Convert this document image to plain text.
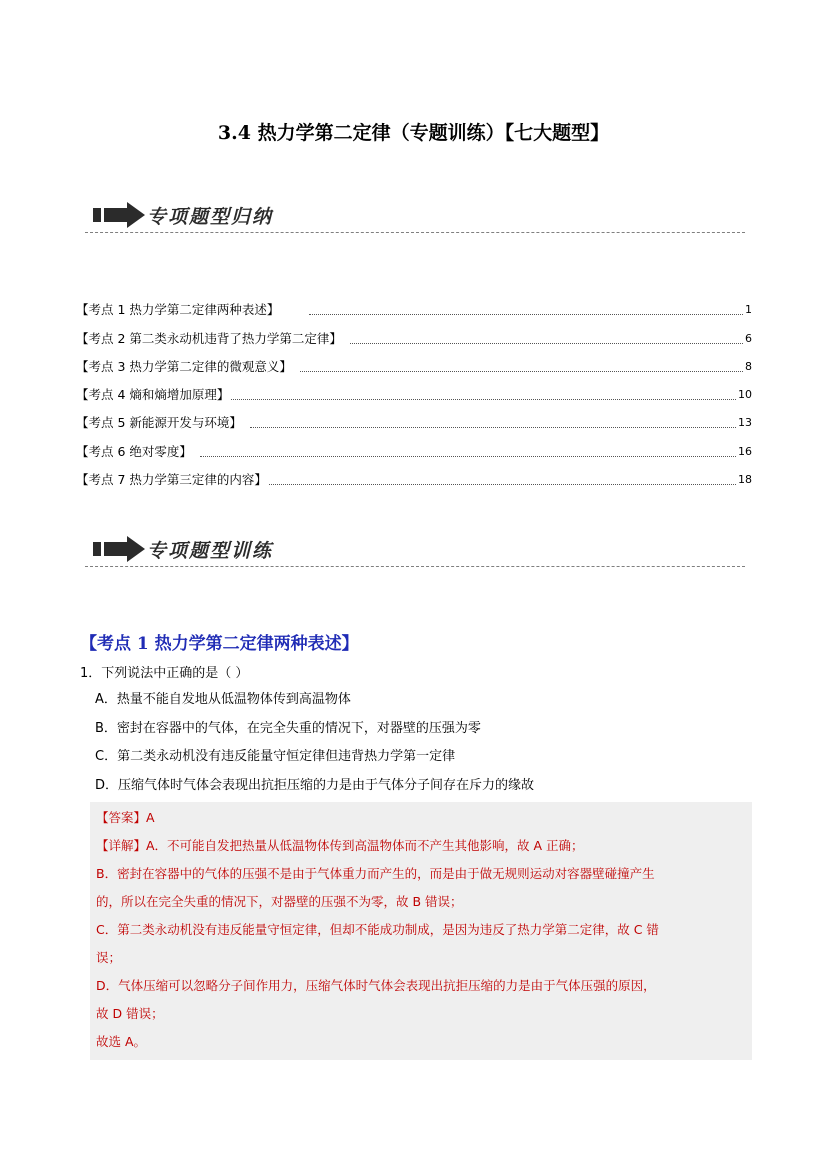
3.4 热力学第二定律（专题训练）【七大题型】
专项题型归纳
【考点 1 热力学第二定律两种表述】	1
【考点 2 第二类永动机违背了热力学第二定律】	6
【考点 3 热力学第二定律的微观意义】	8
【考点 4 熵和熵增加原理】	10
【考点 5 新能源开发与环境】	13
【考点 6 绝对零度】	16
【考点 7 热力学第三定律的内容】	18
专项题型训练
【考点 1 热力学第二定律两种表述】
1．下列说法中正确的是（ ）
A．热量不能自发地从低温物体传到高温物体
B．密封在容器中的气体，在完全失重的情况下，对器壁的压强为零
C．第二类永动机没有违反能量守恒定律但违背热力学第一定律
D．压缩气体时气体会表现出抗拒压缩的力是由于气体分子间存在斥力的缘故
【答案】A
【详解】A．不可能自发把热量从低温物体传到高温物体而不产生其他影响，故 A 正确；
B．密封在容器中的气体的压强不是由于气体重力而产生的，而是由于做无规则运动对容器壁碰撞产生
的，所以在完全失重的情况下，对器壁的压强不为零，故 B 错误；
C．第二类永动机没有违反能量守恒定律，但却不能成功制成，是因为违反了热力学第二定律，故 C 错
误；
D．气体压缩可以忽略分子间作用力，压缩气体时气体会表现出抗拒压缩的力是由于气体压强的原因，
故 D 错误；
故选 A。
